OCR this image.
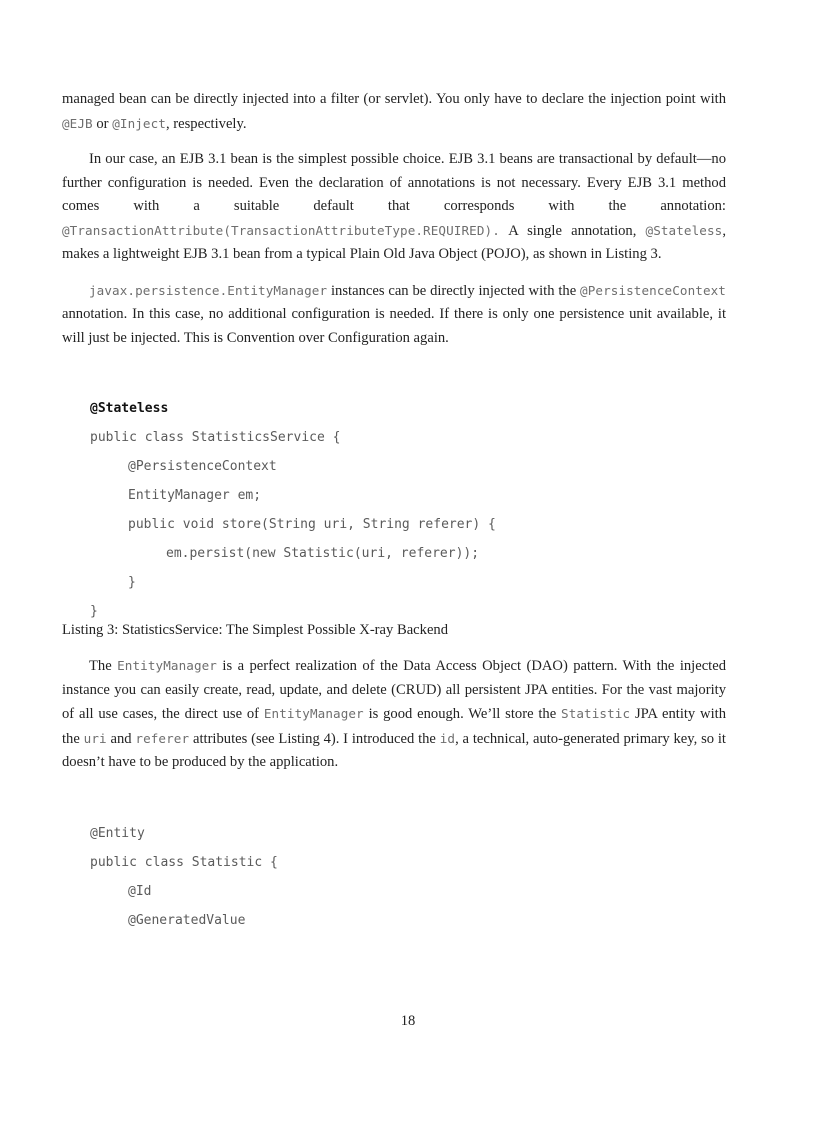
managed bean can be directly injected into a filter (or servlet). You only have to declare the injection point with @EJB or @Inject, respectively.

In our case, an EJB 3.1 bean is the simplest possible choice. EJB 3.1 beans are transactional by default—no further configuration is needed. Even the declaration of annotations is not necessary. Every EJB 3.1 method comes with a suitable default that corresponds with the annotation: @TransactionAttribute(TransactionAttributeType.REQUIRED). A single annotation, @Stateless, makes a lightweight EJB 3.1 bean from a typical Plain Old Java Object (POJO), as shown in Listing 3.

javax.persistence.EntityManager instances can be directly injected with the @PersistenceContext annotation. In this case, no additional configuration is needed. If there is only one persistence unit available, it will just be injected. This is Convention over Configuration again.

@Stateless
public class StatisticsService {
@PersistenceContext
EntityManager em;
public void store(String uri, String referer) {
em.persist(new Statistic(uri, referer));
}
}
Listing 3: StatisticsService: The Simplest Possible X-ray Backend

The EntityManager is a perfect realization of the Data Access Object (DAO) pattern. With the injected instance you can easily create, read, update, and delete (CRUD) all persistent JPA entities. For the vast majority of all use cases, the direct use of EntityManager is good enough. We’ll store the Statistic JPA entity with the uri and referer attributes (see Listing 4). I introduced the id, a technical, auto-generated primary key, so it doesn’t have to be produced by the application.

@Entity
public class Statistic {
@Id
@GeneratedValue
18
